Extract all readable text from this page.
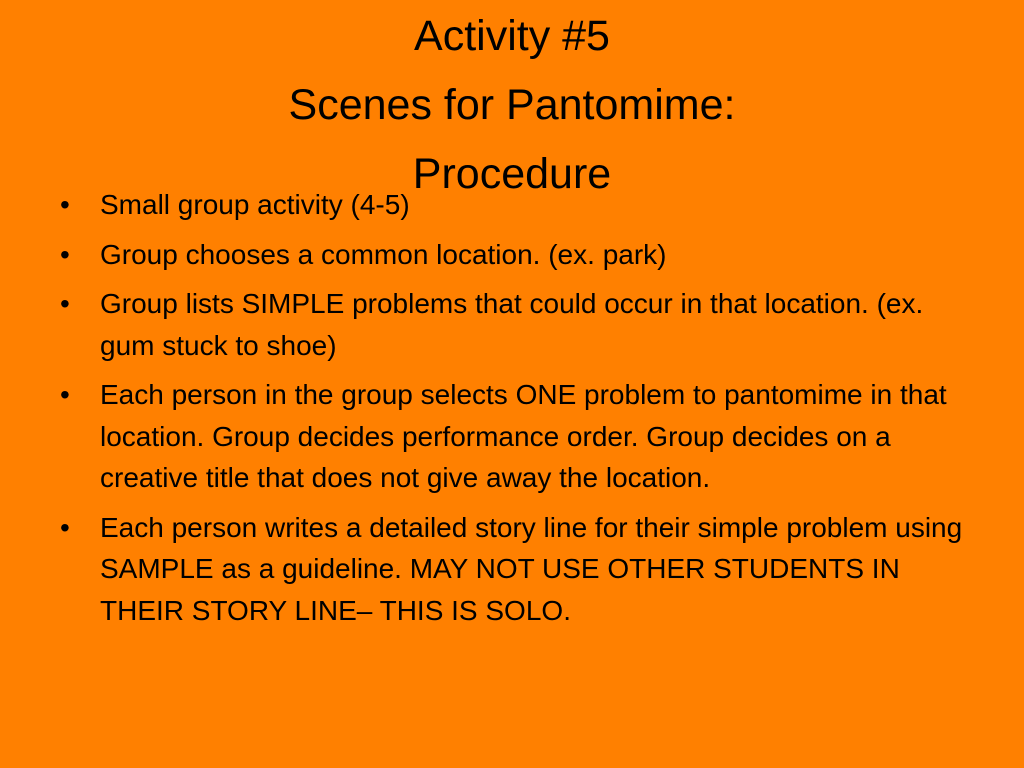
Activity #5
Scenes for Pantomime:
Procedure
•	Small group activity (4-5)
•	Group chooses a common location. (ex. park)
•	Group lists SIMPLE problems that could occur in that location. (ex. gum stuck to shoe)
•	Each person in the group selects ONE problem to pantomime in that location. Group decides performance order. Group decides on a creative title that does not give away the location.
•	Each person writes a detailed story line for their simple problem using SAMPLE as a guideline. MAY NOT USE OTHER STUDENTS IN THEIR STORY LINE– THIS IS SOLO.
